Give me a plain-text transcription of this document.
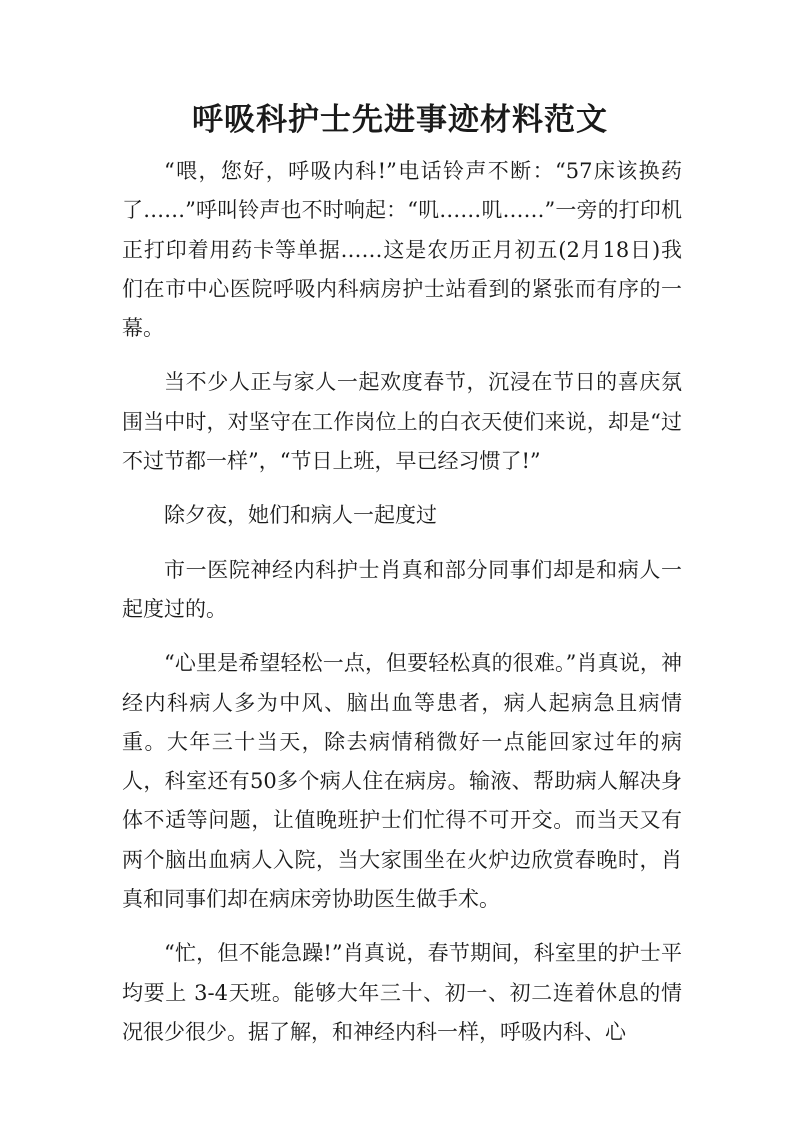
呼吸科护士先进事迹材料范文

“喂，您好，呼吸内科!”电话铃声不断：“57床该换药了……”呼叫铃声也不时响起：“叽……叽……”一旁的打印机正打印着用药卡等单据……这是农历正月初五(2月18日)我们在市中心医院呼吸内科病房护士站看到的紧张而有序的一幕。

当不少人正与家人一起欢度春节，沉浸在节日的喜庆氛围当中时，对坚守在工作岗位上的白衣天使们来说，却是“过不过节都一样”，“节日上班，早已经习惯了!”

除夕夜，她们和病人一起度过

市一医院神经内科护士肖真和部分同事们却是和病人一起度过的。

“心里是希望轻松一点，但要轻松真的很难。”肖真说，神经内科病人多为中风、脑出血等患者，病人起病急且病情重。大年三十当天，除去病情稍微好一点能回家过年的病人，科室还有50多个病人住在病房。输液、帮助病人解决身体不适等问题，让值晚班护士们忙得不可开交。而当天又有两个脑出血病人入院，当大家围坐在火炉边欣赏春晚时，肖真和同事们却在病床旁协助医生做手术。

“忙，但不能急躁!”肖真说，春节期间，科室里的护士平均要上 3-4天班。能够大年三十、初一、初二连着休息的情况很少很少。据了解，和神经内科一样，呼吸内科、心
